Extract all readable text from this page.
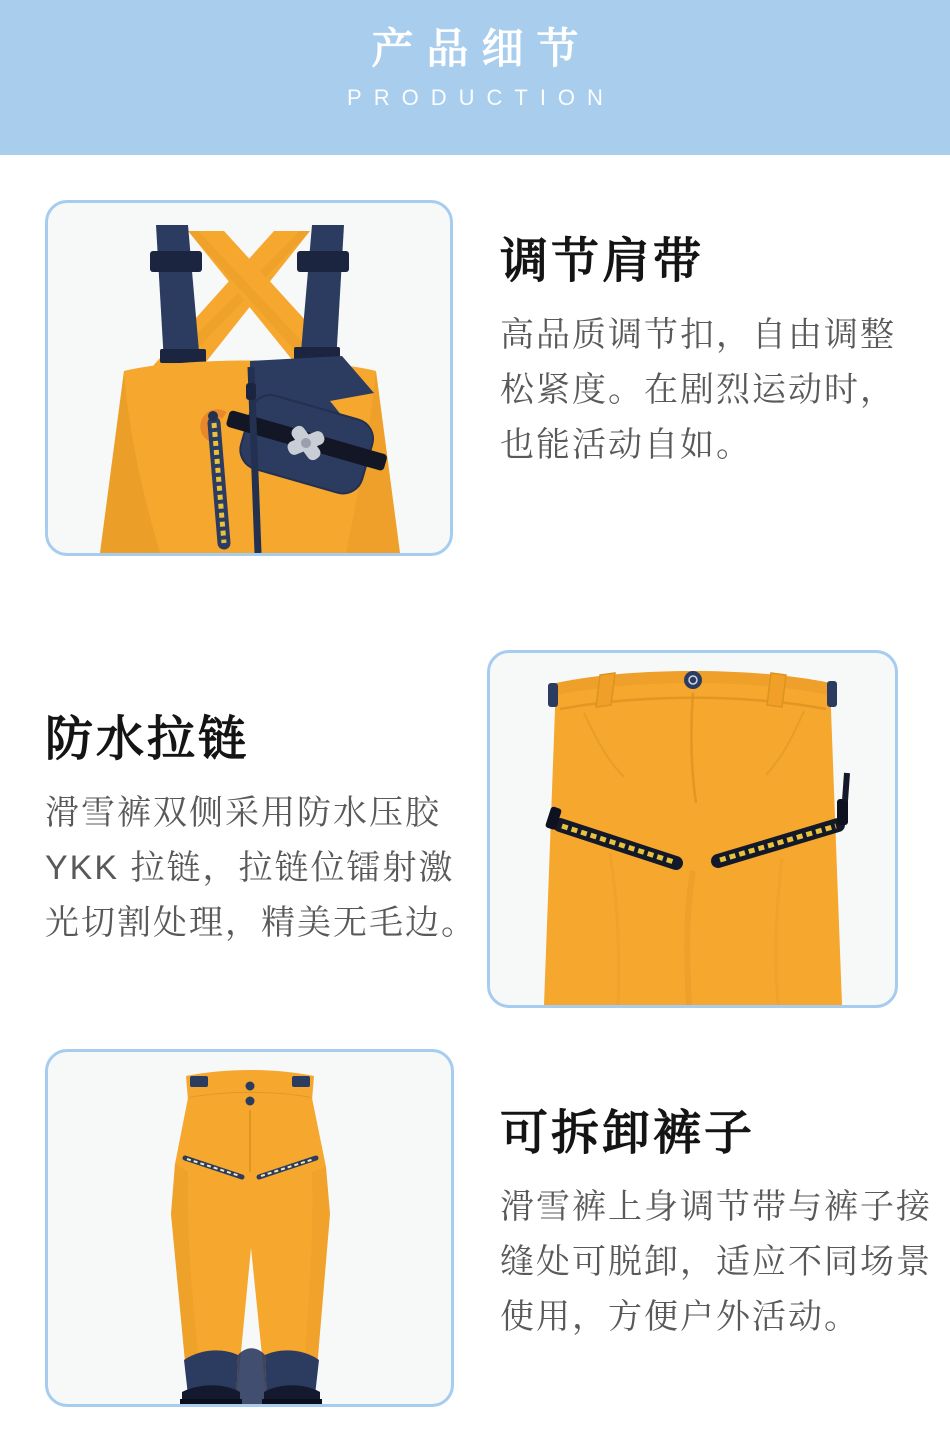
产品细节
PRODUCTION
调节肩带

高品质调节扣，自由调整

松紧度。在剧烈运动时，

也能活动自如。

防水拉链

滑雪裤双侧采用防水压胶

YKK 拉链，拉链位镭射激

光切割处理，精美无毛边。

可拆卸裤子

滑雪裤上身调节带与裤子接

缝处可脱卸，适应不同场景

使用，方便户外活动。
